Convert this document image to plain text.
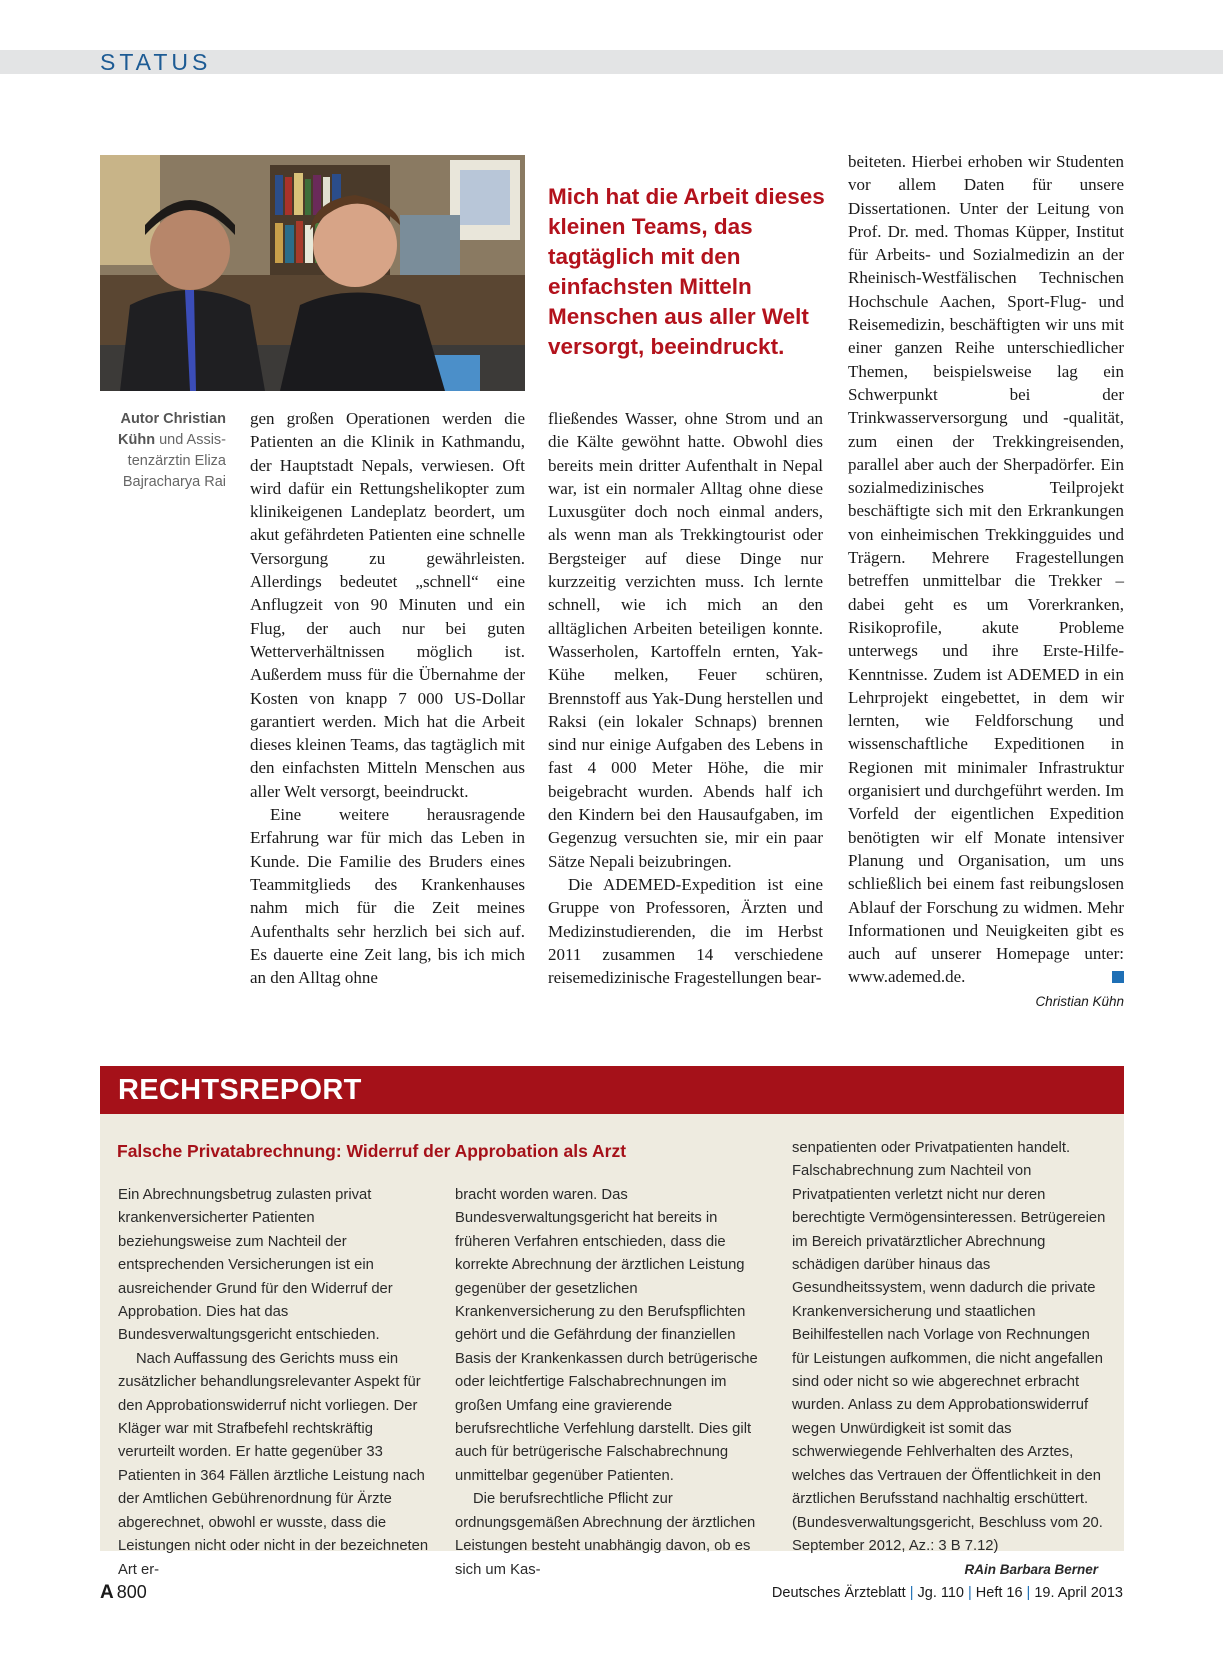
STATUS
Autor Christian Kühn und Assis-tenzärztin Eliza Bajracharya Rai
Mich hat die Arbeit dieses kleinen Teams, das tagtäglich mit den einfachsten Mitteln Menschen aus aller Welt versorgt, beeindruckt.

gen großen Operationen werden die Patienten an die Klinik in Kathmandu, der Hauptstadt Nepals, verwiesen. Oft wird dafür ein Rettungshelikopter zum klinikeigenen Landeplatz beordert, um akut gefährdeten Patienten eine schnelle Versorgung zu gewährleisten. Allerdings bedeutet „schnell“ eine Anflugzeit von 90 Minuten und ein Flug, der auch nur bei guten Wetterverhältnissen möglich ist. Außerdem muss für die Übernahme der Kosten von knapp 7 000 US-Dollar garantiert werden. Mich hat die Arbeit dieses kleinen Teams, das tagtäglich mit den einfachsten Mitteln Menschen aus aller Welt versorgt, beeindruckt.

Eine weitere herausragende Erfahrung war für mich das Leben in Kunde. Die Familie des Bruders eines Teammitglieds des Krankenhauses nahm mich für die Zeit meines Aufenthalts sehr herzlich bei sich auf. Es dauerte eine Zeit lang, bis ich mich an den Alltag ohne

fließendes Wasser, ohne Strom und an die Kälte gewöhnt hatte. Obwohl dies bereits mein dritter Aufenthalt in Nepal war, ist ein normaler Alltag ohne diese Luxusgüter doch noch einmal anders, als wenn man als Trekkingtourist oder Bergsteiger auf diese Dinge nur kurzzeitig verzichten muss. Ich lernte schnell, wie ich mich an den alltäglichen Arbeiten beteiligen konnte. Wasserholen, Kartoffeln ernten, Yak-Kühe melken, Feuer schüren, Brennstoff aus Yak-Dung herstellen und Raksi (ein lokaler Schnaps) brennen sind nur einige Aufgaben des Lebens in fast 4 000 Meter Höhe, die mir beigebracht wurden. Abends half ich den Kindern bei den Hausaufgaben, im Gegenzug versuchten sie, mir ein paar Sätze Nepali beizubringen.

Die ADEMED-Expedition ist eine Gruppe von Professoren, Ärzten und Medizinstudierenden, die im Herbst 2011 zusammen 14 verschiedene reisemedizinische Fragestellungen bear-

beiteten. Hierbei erhoben wir Studenten vor allem Daten für unsere Dissertationen. Unter der Leitung von Prof. Dr. med. Thomas Küpper, Institut für Arbeits- und Sozialmedizin an der Rheinisch-Westfälischen Technischen Hochschule Aachen, Sport-Flug- und Reisemedizin, beschäftigten wir uns mit einer ganzen Reihe unterschiedlicher Themen, beispielsweise lag ein Schwerpunkt bei der Trinkwasserversorgung und -qualität, zum einen der Trekkingreisenden, parallel aber auch der Sherpadörfer. Ein sozialmedizinisches Teilprojekt beschäftigte sich mit den Erkrankungen von einheimischen Trekkingguides und Trägern. Mehrere Fragestellungen betreffen unmittelbar die Trekker – dabei geht es um Vorerkranken, Risikoprofile, akute Probleme unterwegs und ihre Erste-Hilfe-Kenntnisse. Zudem ist ADEMED in ein Lehrprojekt eingebettet, in dem wir lernten, wie Feldforschung und wissenschaftliche Expeditionen in Regionen mit minimaler Infrastruktur organisiert und durchgeführt werden. Im Vorfeld der eigentlichen Expedition benötigten wir elf Monate intensiver Planung und Organisation, um uns schließlich bei einem fast reibungslosen Ablauf der Forschung zu widmen. Mehr Informationen und Neuigkeiten gibt es auch auf unserer Homepage unter: www.ademed.de.

Christian Kühn
RECHTSREPORT
Falsche Privatabrechnung: Widerruf der Approbation als Arzt

Ein Abrechnungsbetrug zulasten privat krankenversicherter Patienten beziehungsweise zum Nachteil der entsprechenden Versicherungen ist ein ausreichender Grund für den Widerruf der Approbation. Dies hat das Bundesverwaltungsgericht entschieden.

Nach Auffassung des Gerichts muss ein zusätzlicher behandlungsrelevanter Aspekt für den Approbationswiderruf nicht vorliegen. Der Kläger war mit Strafbefehl rechtskräftig verurteilt worden. Er hatte gegenüber 33 Patienten in 364 Fällen ärztliche Leistung nach der Amtlichen Gebührenordnung für Ärzte abgerechnet, obwohl er wusste, dass die Leistungen nicht oder nicht in der bezeichneten Art er-

bracht worden waren. Das Bundesverwaltungsgericht hat bereits in früheren Verfahren entschieden, dass die korrekte Abrechnung der ärztlichen Leistung gegenüber der gesetzlichen Krankenversicherung zu den Berufspflichten gehört und die Gefährdung der finanziellen Basis der Krankenkassen durch betrügerische oder leichtfertige Falschabrechnungen im großen Umfang eine gravierende berufsrechtliche Verfehlung darstellt. Dies gilt auch für betrügerische Falschabrechnung unmittelbar gegenüber Patienten.

Die berufsrechtliche Pflicht zur ordnungsgemäßen Abrechnung der ärztlichen Leistungen besteht unabhängig davon, ob es sich um Kas-

senpatienten oder Privatpatienten handelt. Falschabrechnung zum Nachteil von Privatpatienten verletzt nicht nur deren berechtigte Vermögensinteressen. Betrügereien im Bereich privatärztlicher Abrechnung schädigen darüber hinaus das Gesundheitssystem, wenn dadurch die private Krankenversicherung und staatlichen Beihilfestellen nach Vorlage von Rechnungen für Leistungen aufkommen, die nicht angefallen sind oder nicht so wie abgerechnet erbracht wurden. Anlass zu dem Approbationswiderruf wegen Unwürdigkeit ist somit das schwerwiegende Fehlverhalten des Arztes, welches das Vertrauen der Öffentlichkeit in den ärztlichen Berufsstand nachhaltig erschüttert. (Bundesverwaltungsgericht, Beschluss vom 20. September 2012, Az.: 3 B 7.12)
RAin Barbara Berner

A 800	Deutsches Ärzteblatt | Jg. 110 | Heft 16 | 19. April 2013
